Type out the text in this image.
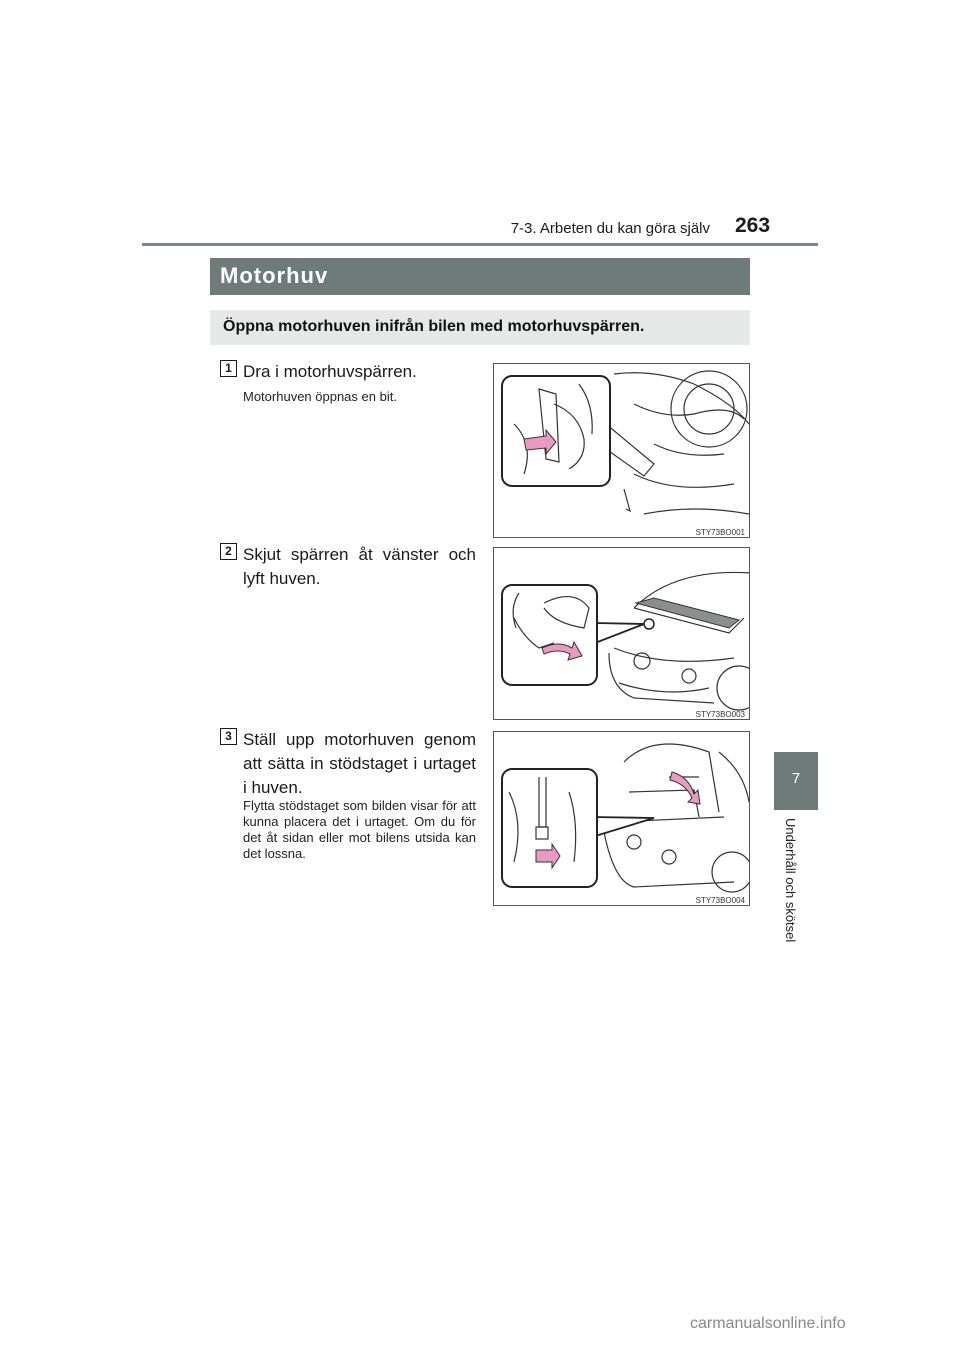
7-3. Arbeten du kan göra själv 263
Motorhuv
Öppna motorhuven inifrån bilen med motorhuvspärren.
1 Dra i motorhuvspärren.
Motorhuven öppnas en bit.
STY73BO001
2 Skjut spärren åt vänster och lyft huven.
STY73BO003
3 Ställ upp motorhuven genom att sätta in stödstaget i urtaget i huven.
Flytta stödstaget som bilden visar för att kunna placera det i urtaget. Om du för det åt sidan eller mot bilens utsida kan det lossna.
STY73BO004
7
Underhåll och skötsel
carmanualsonline.info
